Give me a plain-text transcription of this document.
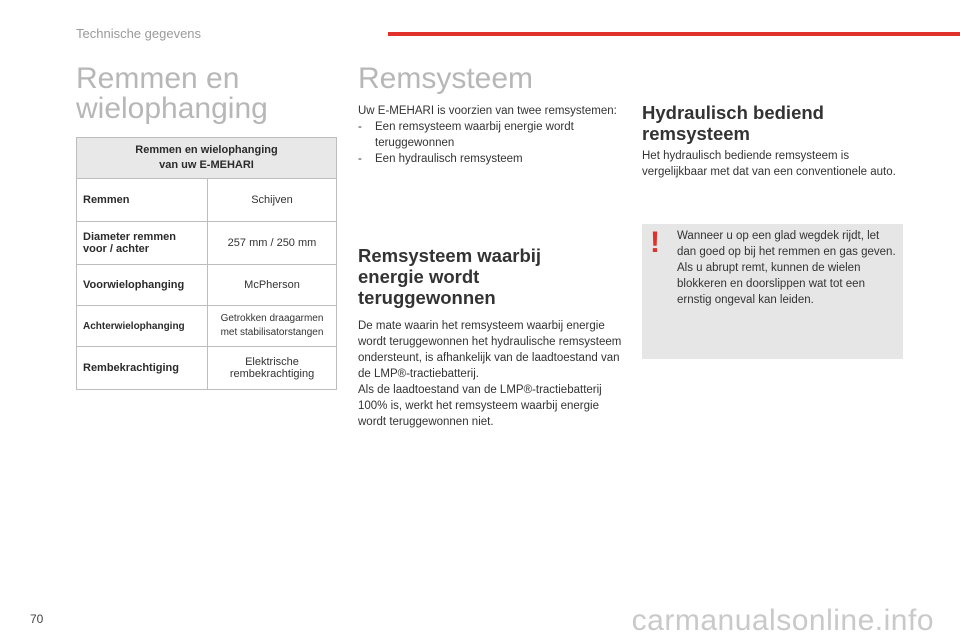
Technische gegevens
Remmen en
wielophanging
Remmen en wielophanging
van uw E-MEHARI	

Remmen	Schijven
Diameter remmen voor / achter	257 mm / 250 mm
Voorwielophanging	McPherson
Achterwielophanging	Getrokken draagarmen met stabilisatorstangen
Rembekrachtiging	Elektrische rembekrachtiging
Remsysteem
Uw E-MEHARI is voorzien van twee remsystemen:
- Een remsysteem waarbij energie wordt teruggewonnen
- Een hydraulisch remsysteem
Remsysteem waarbij
energie wordt
teruggewonnen
De mate waarin het remsysteem waarbij energie wordt teruggewonnen het hydraulische remsysteem ondersteunt, is afhankelijk van de laadtoestand van de LMP®-tractiebatterij.
Als de laadtoestand van de LMP®-tractiebatterij 100% is, werkt het remsysteem waarbij energie wordt teruggewonnen niet.
Hydraulisch bediend
remsysteem
Het hydraulisch bediende remsysteem is vergelijkbaar met dat van een conventionele auto.
! Wanneer u op een glad wegdek rijdt, let dan goed op bij het remmen en gas geven.
Als u abrupt remt, kunnen de wielen blokkeren en doorslippen wat tot een ernstig ongeval kan leiden.
70	carmanualsonline.info
